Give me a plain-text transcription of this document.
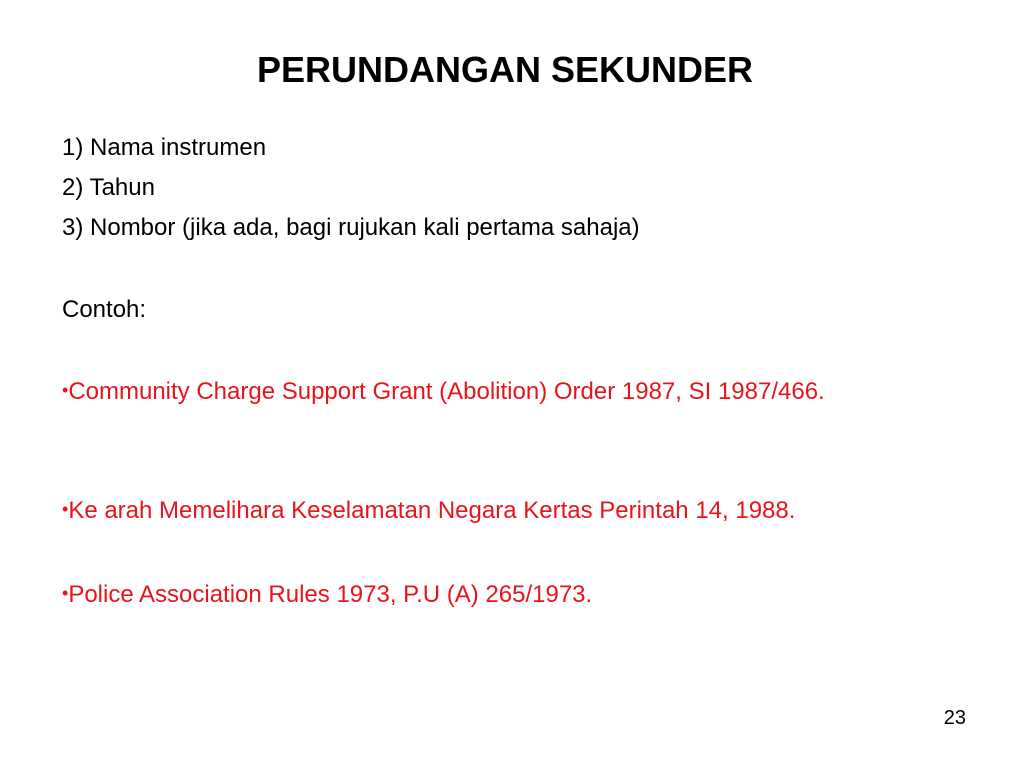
PERUNDANGAN SEKUNDER
1) Nama instrumen
2) Tahun
3) Nombor (jika ada, bagi rujukan kali pertama sahaja)

Contoh:

•Community Charge Support Grant (Abolition) Order 1987, SI 1987/466.

•Ke arah Memelihara Keselamatan Negara Kertas Perintah 14, 1988.

•Police Association Rules 1973, P.U (A) 265/1973.

23
